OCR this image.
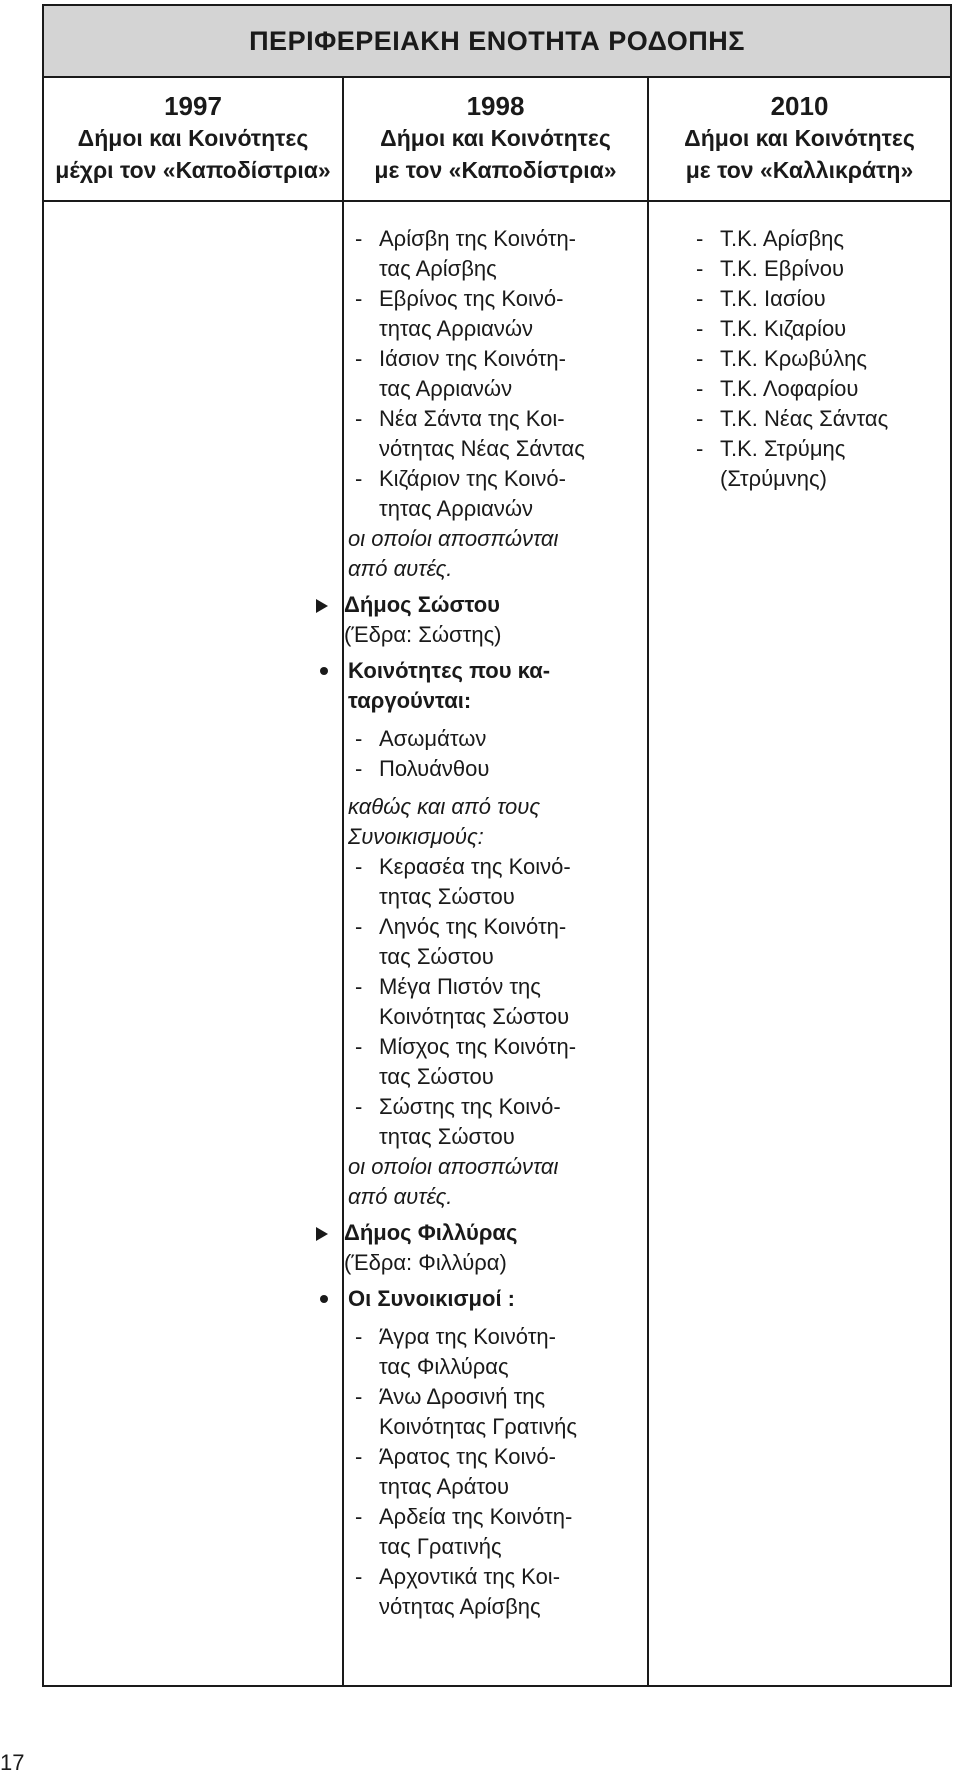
ΠΕΡΙΦΕΡΕΙΑΚΗ ΕΝΟΤΗΤΑ ΡΟΔΟΠΗΣ
1997
Δήμοι και Κοινότητες
μέχρι τον «Καποδίστρια»
1998
Δήμοι και Κοινότητες
με τον «Καποδίστρια»
2010
Δήμοι και Κοινότητες
με τον «Καλλικράτη»
- Αρίσβη της Κοινότη-
τας Αρίσβης
- Εβρίνος της Κοινό-
τητας Αρριανών
- Ιάσιον της Κοινότη-
τας Αρριανών
- Νέα Σάντα της Κοι-
νότητας Νέας Σάντας
- Κιζάριον της Κοινό-
τητας Αρριανών
οι οποίοι αποσπώνται
από αυτές.
Δήμος Σώστου
(Έδρα: Σώστης)
Κοινότητες που κα-
ταργούνται:
- Ασωμάτων
- Πολυάνθου
καθώς και από τους
Συνοικισμούς:
- Κερασέα της Κοινό-
τητας Σώστου
- Ληνός της Κοινότη-
τας Σώστου
- Μέγα Πιστόν της
Κοινότητας Σώστου
- Μίσχος της Κοινότη-
τας Σώστου
- Σώστης της Κοινό-
τητας Σώστου
οι οποίοι αποσπώνται
από αυτές.
Δήμος Φιλλύρας
(Έδρα: Φιλλύρα)
Οι Συνοικισμοί :
- Άγρα της Κοινότη-
τας Φιλλύρας
- Άνω Δροσινή της
Κοινότητας Γρατινής
- Άρατος της Κοινό-
τητας Αράτου
- Αρδεία της Κοινότη-
τας Γρατινής
- Αρχοντικά της Κοι-
νότητας Αρίσβης
- Τ.Κ. Αρίσβης
- Τ.Κ. Εβρίνου
- Τ.Κ. Ιασίου
- Τ.Κ. Κιζαρίου
- Τ.Κ. Κρωβύλης
- Τ.Κ. Λοφαρίου
- Τ.Κ. Νέας Σάντας
- Τ.Κ. Στρύμης
(Στρύμνης)
17
